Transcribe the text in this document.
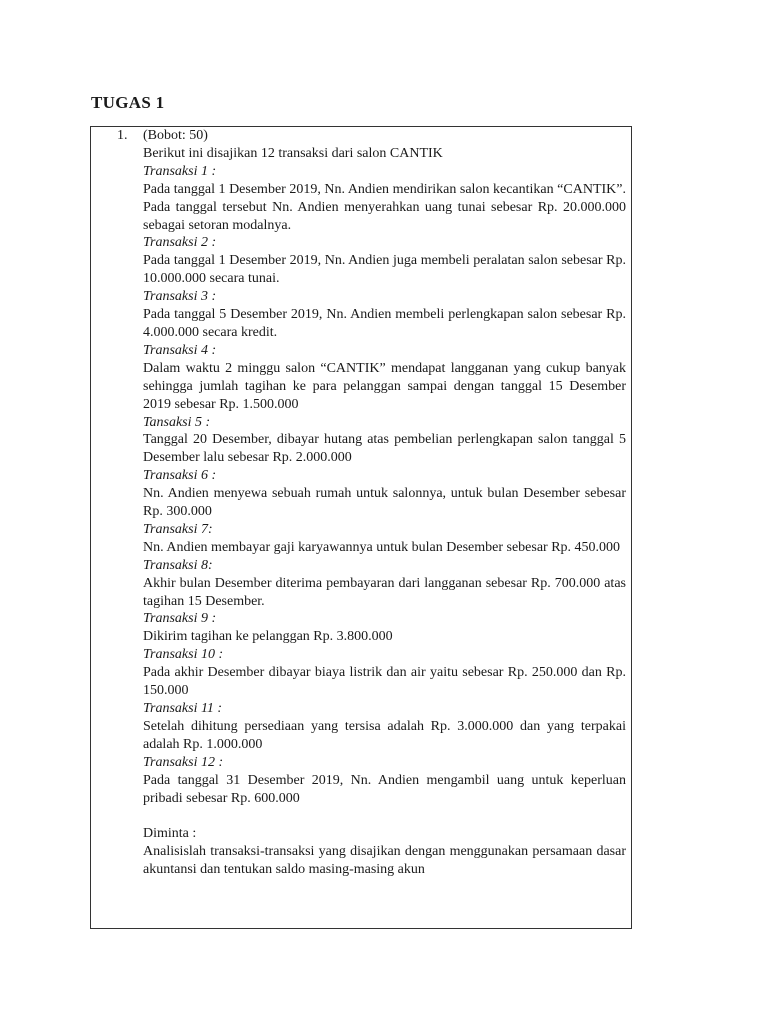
TUGAS 1
1. (Bobot: 50)

Berikut ini disajikan 12 transaksi dari salon CANTIK

Transaksi 1 :

Pada tanggal 1 Desember 2019, Nn. Andien mendirikan salon kecantikan “CANTIK”. Pada tanggal tersebut Nn. Andien menyerahkan uang tunai sebesar Rp. 20.000.000 sebagai setoran modalnya.

Transaksi 2 :

Pada tanggal 1 Desember 2019, Nn. Andien juga membeli peralatan salon sebesar Rp. 10.000.000 secara tunai.

Transaksi 3 :

Pada tanggal 5 Desember 2019, Nn. Andien membeli perlengkapan salon sebesar Rp. 4.000.000 secara kredit.

Transaksi 4 :

Dalam waktu 2 minggu salon “CANTIK” mendapat langganan yang cukup banyak sehingga jumlah tagihan ke para pelanggan sampai dengan tanggal 15 Desember 2019 sebesar Rp. 1.500.000

Tansaksi 5 :

Tanggal 20 Desember, dibayar hutang atas pembelian perlengkapan salon tanggal 5 Desember lalu sebesar Rp. 2.000.000

Transaksi 6 :

Nn. Andien menyewa sebuah rumah untuk salonnya, untuk bulan Desember sebesar Rp. 300.000

Transaksi 7:

Nn. Andien membayar gaji karyawannya untuk bulan Desember sebesar Rp. 450.000

Transaksi 8:

Akhir bulan Desember diterima pembayaran dari langganan sebesar Rp. 700.000 atas tagihan 15 Desember.

Transaksi 9 :

Dikirim tagihan ke pelanggan Rp. 3.800.000

Transaksi 10 :

Pada akhir Desember dibayar biaya listrik dan air yaitu sebesar Rp. 250.000 dan Rp. 150.000

Transaksi 11 :

Setelah dihitung persediaan yang tersisa adalah Rp. 3.000.000 dan yang terpakai adalah Rp. 1.000.000

Transaksi 12 :

Pada tanggal 31 Desember 2019, Nn. Andien mengambil uang untuk keperluan pribadi sebesar Rp. 600.000

Diminta :

Analisislah transaksi-transaksi yang disajikan dengan menggunakan persamaan dasar akuntansi dan tentukan saldo masing-masing akun
